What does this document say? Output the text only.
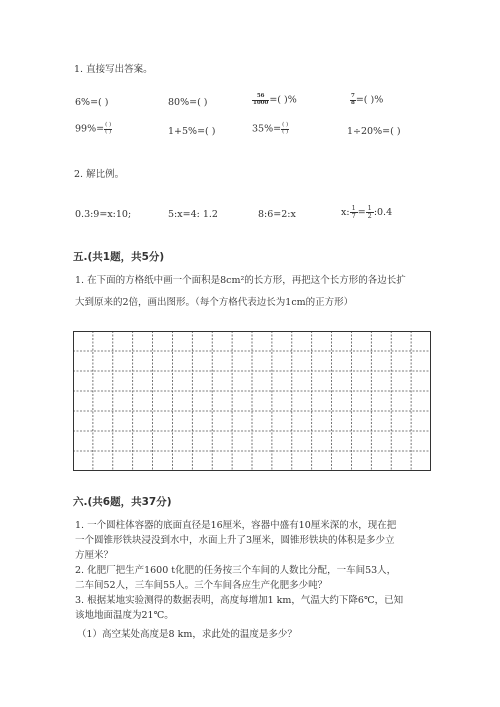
1. 直接写出答案。
6%=( )	80%=( )	$\frac{56}{1000}$ =( )%	$\frac{7}{8}$ =( )%
$99\%= \frac{( )}{( )}$	1+5%=( )	$35\%= \frac{( )}{( )}$	1÷20%=( )
2. 解比例。
0.3:9=x:10;	5:x=4: 1.2	8:6=2:x	x: $\frac{1}{7} = \frac{1}{2}$ :0.4
五.(共1题，共5分)
1. 在下面的方格纸中画一个面积是8cm²的长方形，再把这个长方形的各边长扩
大到原来的2倍，画出图形。（每个方格代表边长为1cm的正方形）
六.(共6题，共37分)
1. 一个圆柱体容器的底面直径是16厘米，容器中盛有10厘米深的水，现在把
一个圆锥形铁块浸没到水中，水面上升了3厘米，圆锥形铁块的体积是多少立
方厘米？
2. 化肥厂把生产1600 t化肥的任务按三个车间的人数比分配，一车间53人，
二车间52人，三车间55人。三个车间各应生产化肥多少吨？
3. 根据某地实验测得的数据表明，高度每增加1 km，气温大约下降6℃，已知
该地地面温度为21℃。
（1）高空某处高度是8 km，求此处的温度是多少？
